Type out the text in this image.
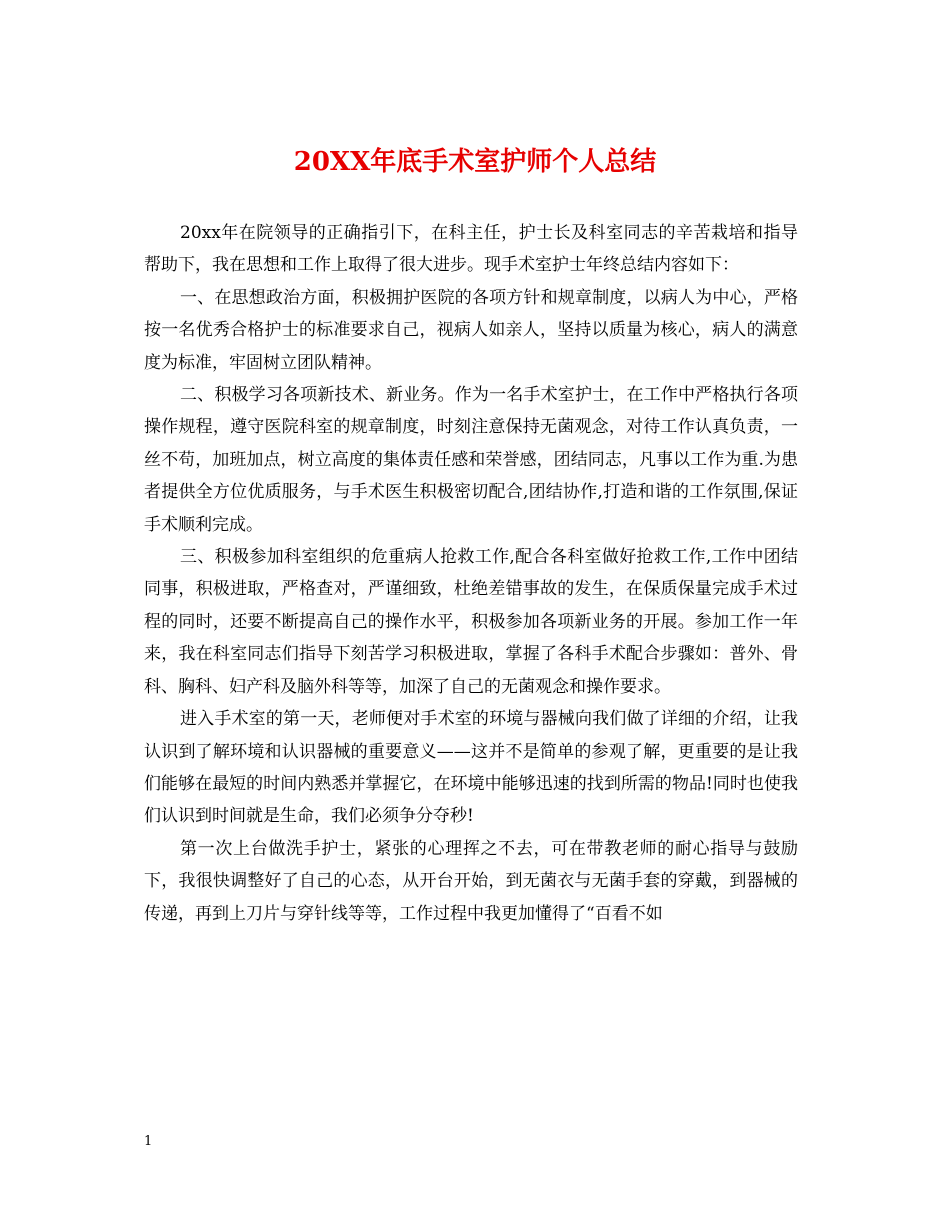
20XX年底手术室护师个人总结

20xx年在院领导的正确指引下，在科主任，护士长及科室同志的辛苦栽培和指导帮助下，我在思想和工作上取得了很大进步。现手术室护士年终总结内容如下：

一、在思想政治方面，积极拥护医院的各项方针和规章制度，以病人为中心，严格按一名优秀合格护士的标准要求自己，视病人如亲人，坚持以质量为核心，病人的满意度为标准，牢固树立团队精神。

二、积极学习各项新技术、新业务。作为一名手术室护士，在工作中严格执行各项操作规程，遵守医院科室的规章制度，时刻注意保持无菌观念，对待工作认真负责，一丝不苟，加班加点，树立高度的集体责任感和荣誉感，团结同志，凡事以工作为重.为患者提供全方位优质服务，与手术医生积极密切配合,团结协作,打造和谐的工作氛围,保证手术顺利完成。

三、积极参加科室组织的危重病人抢救工作,配合各科室做好抢救工作,工作中团结同事，积极进取，严格查对，严谨细致，杜绝差错事故的发生，在保质保量完成手术过程的同时，还要不断提高自己的操作水平，积极参加各项新业务的开展。参加工作一年来，我在科室同志们指导下刻苦学习积极进取，掌握了各科手术配合步骤如：普外、骨科、胸科、妇产科及脑外科等等，加深了自己的无菌观念和操作要求。

进入手术室的第一天，老师便对手术室的环境与器械向我们做了详细的介绍，让我认识到了解环境和认识器械的重要意义——这并不是简单的参观了解，更重要的是让我们能够在最短的时间内熟悉并掌握它，在环境中能够迅速的找到所需的物品!同时也使我们认识到时间就是生命，我们必须争分夺秒!

第一次上台做洗手护士，紧张的心理挥之不去，可在带教老师的耐心指导与鼓励下，我很快调整好了自己的心态，从开台开始，到无菌衣与无菌手套的穿戴，到器械的传递，再到上刀片与穿针线等等，工作过程中我更加懂得了“百看不如

1
